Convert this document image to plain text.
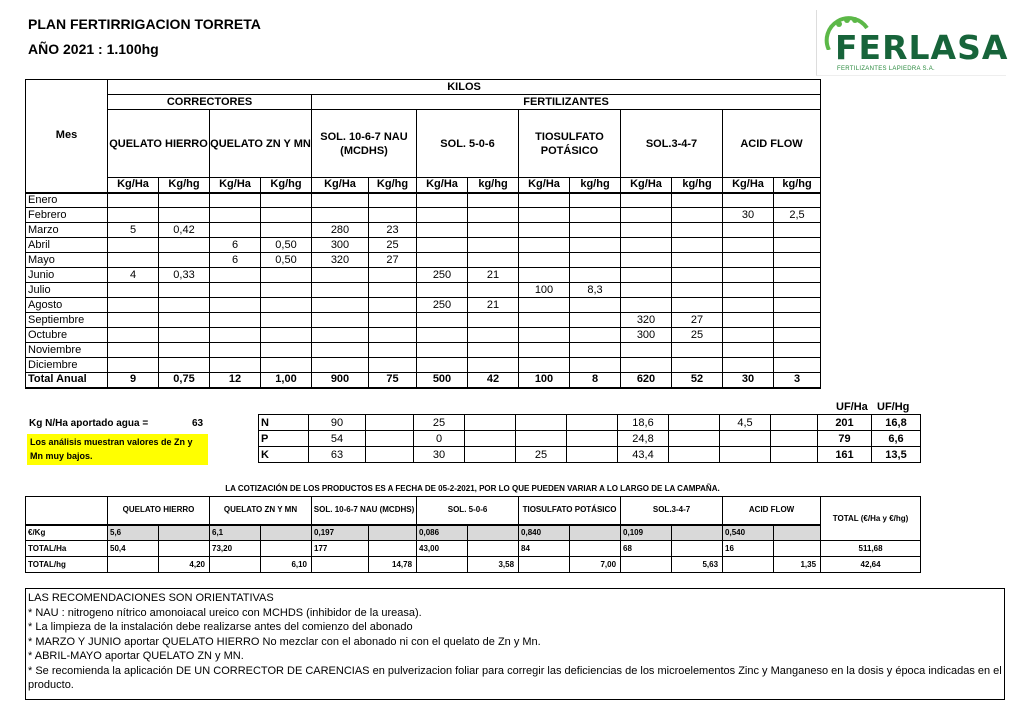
PLAN FERTIRRIGACION TORRETA
AÑO 2021 : 1.100hg	FERLASA
FERTILIZANTES LAPIEDRA S.A.
Mes	KILOS													
	CORRECTORES				FERTILIZANTES									
	QUELATO HIERRO		QUELATO ZN Y MN		SOL. 10-6-7 NAU (MCDHS)		SOL. 5-0-6		TIOSULFATO POTÁSICO		SOL.3-4-7		ACID FLOW	
	Kg/Ha	Kg/hg	Kg/Ha	Kg/hg	Kg/Ha	Kg/hg	Kg/Ha	kg/hg	Kg/Ha	kg/hg	Kg/Ha	kg/hg	Kg/Ha	kg/hg
Enero														
Febrero													30	2,5
Marzo	5	0,42			280	23								
Abril			6	0,50	300	25								
Mayo			6	0,50	320	27								
Junio	4	0,33					250	21						
Julio									100	8,3				
Agosto							250	21						
Septiembre											320	27		
Octubre											300	25		
Noviembre														
Diciembre														
Total Anual	9	0,75	12	1,00	900	75	500	42	100	8	620	52	30	3
Kg N/Ha aportado agua =	63
Los análisis muestran valores de Zn y Mn muy bajos.
UF/Ha UF/Hg
N	90		25				18,6		4,5		201	16,8
P	54		0				24,8				79	6,6
K	63		30		25		43,4				161	13,5
LA COTIZACIÓN DE LOS PRODUCTOS ES A FECHA DE 05-2-2021, POR LO QUE PUEDEN VARIAR A LO LARGO DE LA CAMPAÑA.
	QUELATO HIERRO		QUELATO ZN Y MN		SOL. 10-6-7 NAU (MCDHS)		SOL. 5-0-6		TIOSULFATO POTÁSICO		SOL.3-4-7		ACID FLOW		TOTAL (€/Ha y €/hg)
€/Kg	5,6		6,1		0,197		0,086		0,840		0,109		0,540		
TOTAL/Ha	50,4		73,20		177		43,00		84		68		16		511,68
TOTAL/hg		4,20		6,10		14,78		3,58		7,00		5,63		1,35	42,64
LAS RECOMENDACIONES SON ORIENTATIVAS
* NAU : nitrogeno nítrico amonoiacal ureico con MCHDS (inhibidor de la ureasa).
* La limpieza de la instalación debe realizarse antes del comienzo del abonado
* MARZO Y JUNIO aportar QUELATO HIERRO No mezclar con el abonado ni con el quelato de Zn y Mn.
* ABRIL-MAYO aportar QUELATO ZN y MN.
* Se recomienda la aplicación DE UN CORRECTOR DE CARENCIAS en pulverizacion foliar para corregir las deficiencias de los microelementos Zinc y Manganeso en la dosis y época indicadas en el producto.
